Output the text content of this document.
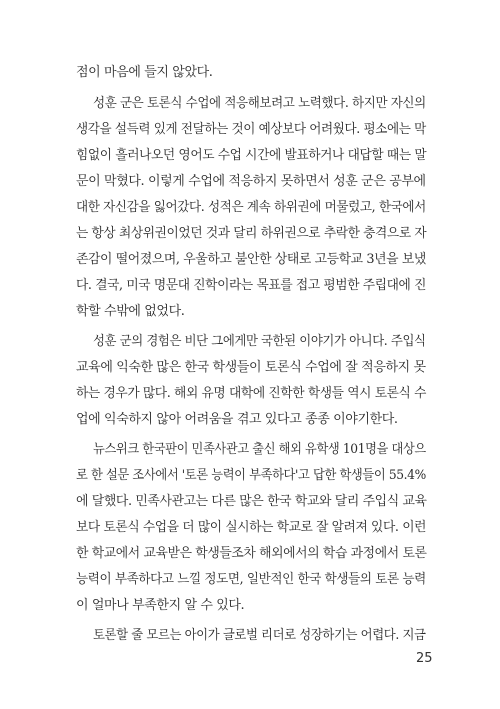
점이 마음에 들지 않았다.
성훈 군은 토론식 수업에 적응해보려고 노력했다. 하지만 자신의
생각을 설득력 있게 전달하는 것이 예상보다 어려웠다. 평소에는 막
힘없이 흘러나오던 영어도 수업 시간에 발표하거나 대답할 때는 말
문이 막혔다. 이렇게 수업에 적응하지 못하면서 성훈 군은 공부에
대한 자신감을 잃어갔다. 성적은 계속 하위권에 머물렀고, 한국에서
는 항상 최상위권이었던 것과 달리 하위권으로 추락한 충격으로 자
존감이 떨어졌으며, 우울하고 불안한 상태로 고등학교 3년을 보냈
다. 결국, 미국 명문대 진학이라는 목표를 접고 평범한 주립대에 진
학할 수밖에 없었다.
성훈 군의 경험은 비단 그에게만 국한된 이야기가 아니다. 주입식
교육에 익숙한 많은 한국 학생들이 토론식 수업에 잘 적응하지 못
하는 경우가 많다. 해외 유명 대학에 진학한 학생들 역시 토론식 수
업에 익숙하지 않아 어려움을 겪고 있다고 종종 이야기한다.
뉴스위크 한국판이 민족사관고 출신 해외 유학생 101명을 대상으
로 한 설문 조사에서 '토론 능력이 부족하다'고 답한 학생들이 55.4%
에 달했다. 민족사관고는 다른 많은 한국 학교와 달리 주입식 교육
보다 토론식 수업을 더 많이 실시하는 학교로 잘 알려져 있다. 이런
한 학교에서 교육받은 학생들조차 해외에서의 학습 과정에서 토론
능력이 부족하다고 느낄 정도면, 일반적인 한국 학생들의 토론 능력
이 얼마나 부족한지 알 수 있다.
토론할 줄 모르는 아이가 글로벌 리더로 성장하기는 어렵다. 지금
25
